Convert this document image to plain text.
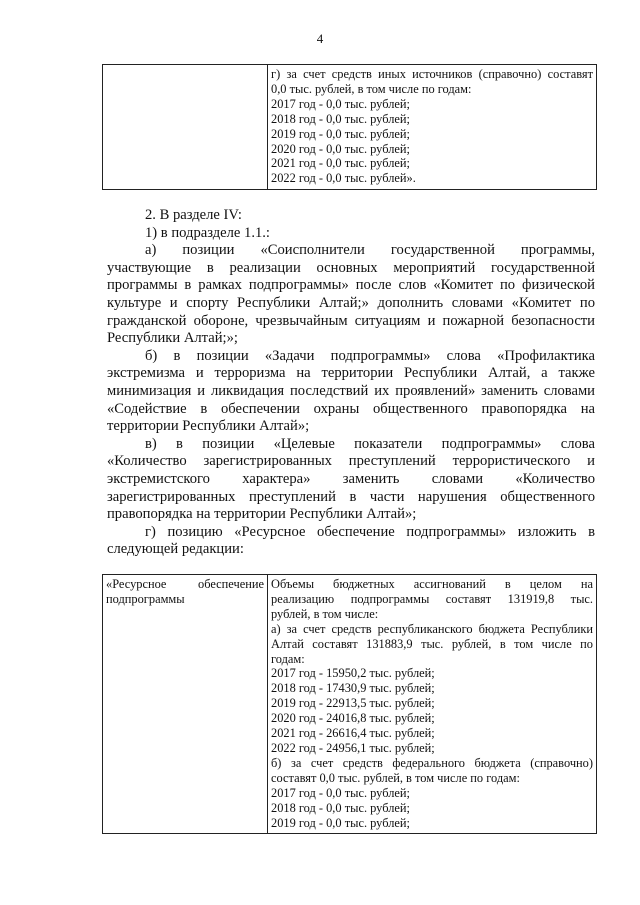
4

г) за счет средств иных источников (справочно) составят
0,0 тыс. рублей, в том числе по годам:
2017 год - 0,0 тыс. рублей;
2018 год - 0,0 тыс. рублей;
2019 год - 0,0 тыс. рублей;
2020 год - 0,0 тыс. рублей;
2021 год - 0,0 тыс. рублей;
2022 год - 0,0 тыс. рублей».

2. В разделе IV:

1) в подразделе 1.1.:

а) позиции «Соисполнители государственной программы,

участвующие в реализации основных мероприятий государственной

программы в рамках подпрограммы» после слов «Комитет по физической

культуре и спорту Республики Алтай;» дополнить словами «Комитет по

гражданской обороне, чрезвычайным ситуациям и пожарной безопасности

Республики Алтай;»;

б) в позиции «Задачи подпрограммы» слова «Профилактика

экстремизма и терроризма на территории Республики Алтай, а также

минимизация и ликвидация последствий их проявлений» заменить словами

«Содействие в обеспечении охраны общественного правопорядка на

территории Республики Алтай»;

в) в позиции «Целевые показатели подпрограммы» слова

«Количество зарегистрированных преступлений террористического и

экстремистского характера» заменить словами «Количество

зарегистрированных преступлений в части нарушения общественного

правопорядка на территории Республики Алтай»;

г) позицию «Ресурсное обеспечение подпрограммы» изложить в

следующей редакции:

«Ресурсное обеспечение
подпрограммы

Объемы бюджетных ассигнований в целом на
реализацию подпрограммы составят 131919,8 тыс.
рублей, в том числе:
а) за счет средств республиканского бюджета Республики
Алтай составят 131883,9 тыс. рублей, в том числе по
годам:
2017 год - 15950,2 тыс. рублей;
2018 год - 17430,9 тыс. рублей;
2019 год - 22913,5 тыс. рублей;
2020 год - 24016,8 тыс. рублей;
2021 год - 26616,4 тыс. рублей;
2022 год - 24956,1 тыс. рублей;
б) за счет средств федерального бюджета (справочно)
составят 0,0 тыс. рублей, в том числе по годам:
2017 год - 0,0 тыс. рублей;
2018 год - 0,0 тыс. рублей;
2019 год - 0,0 тыс. рублей;
